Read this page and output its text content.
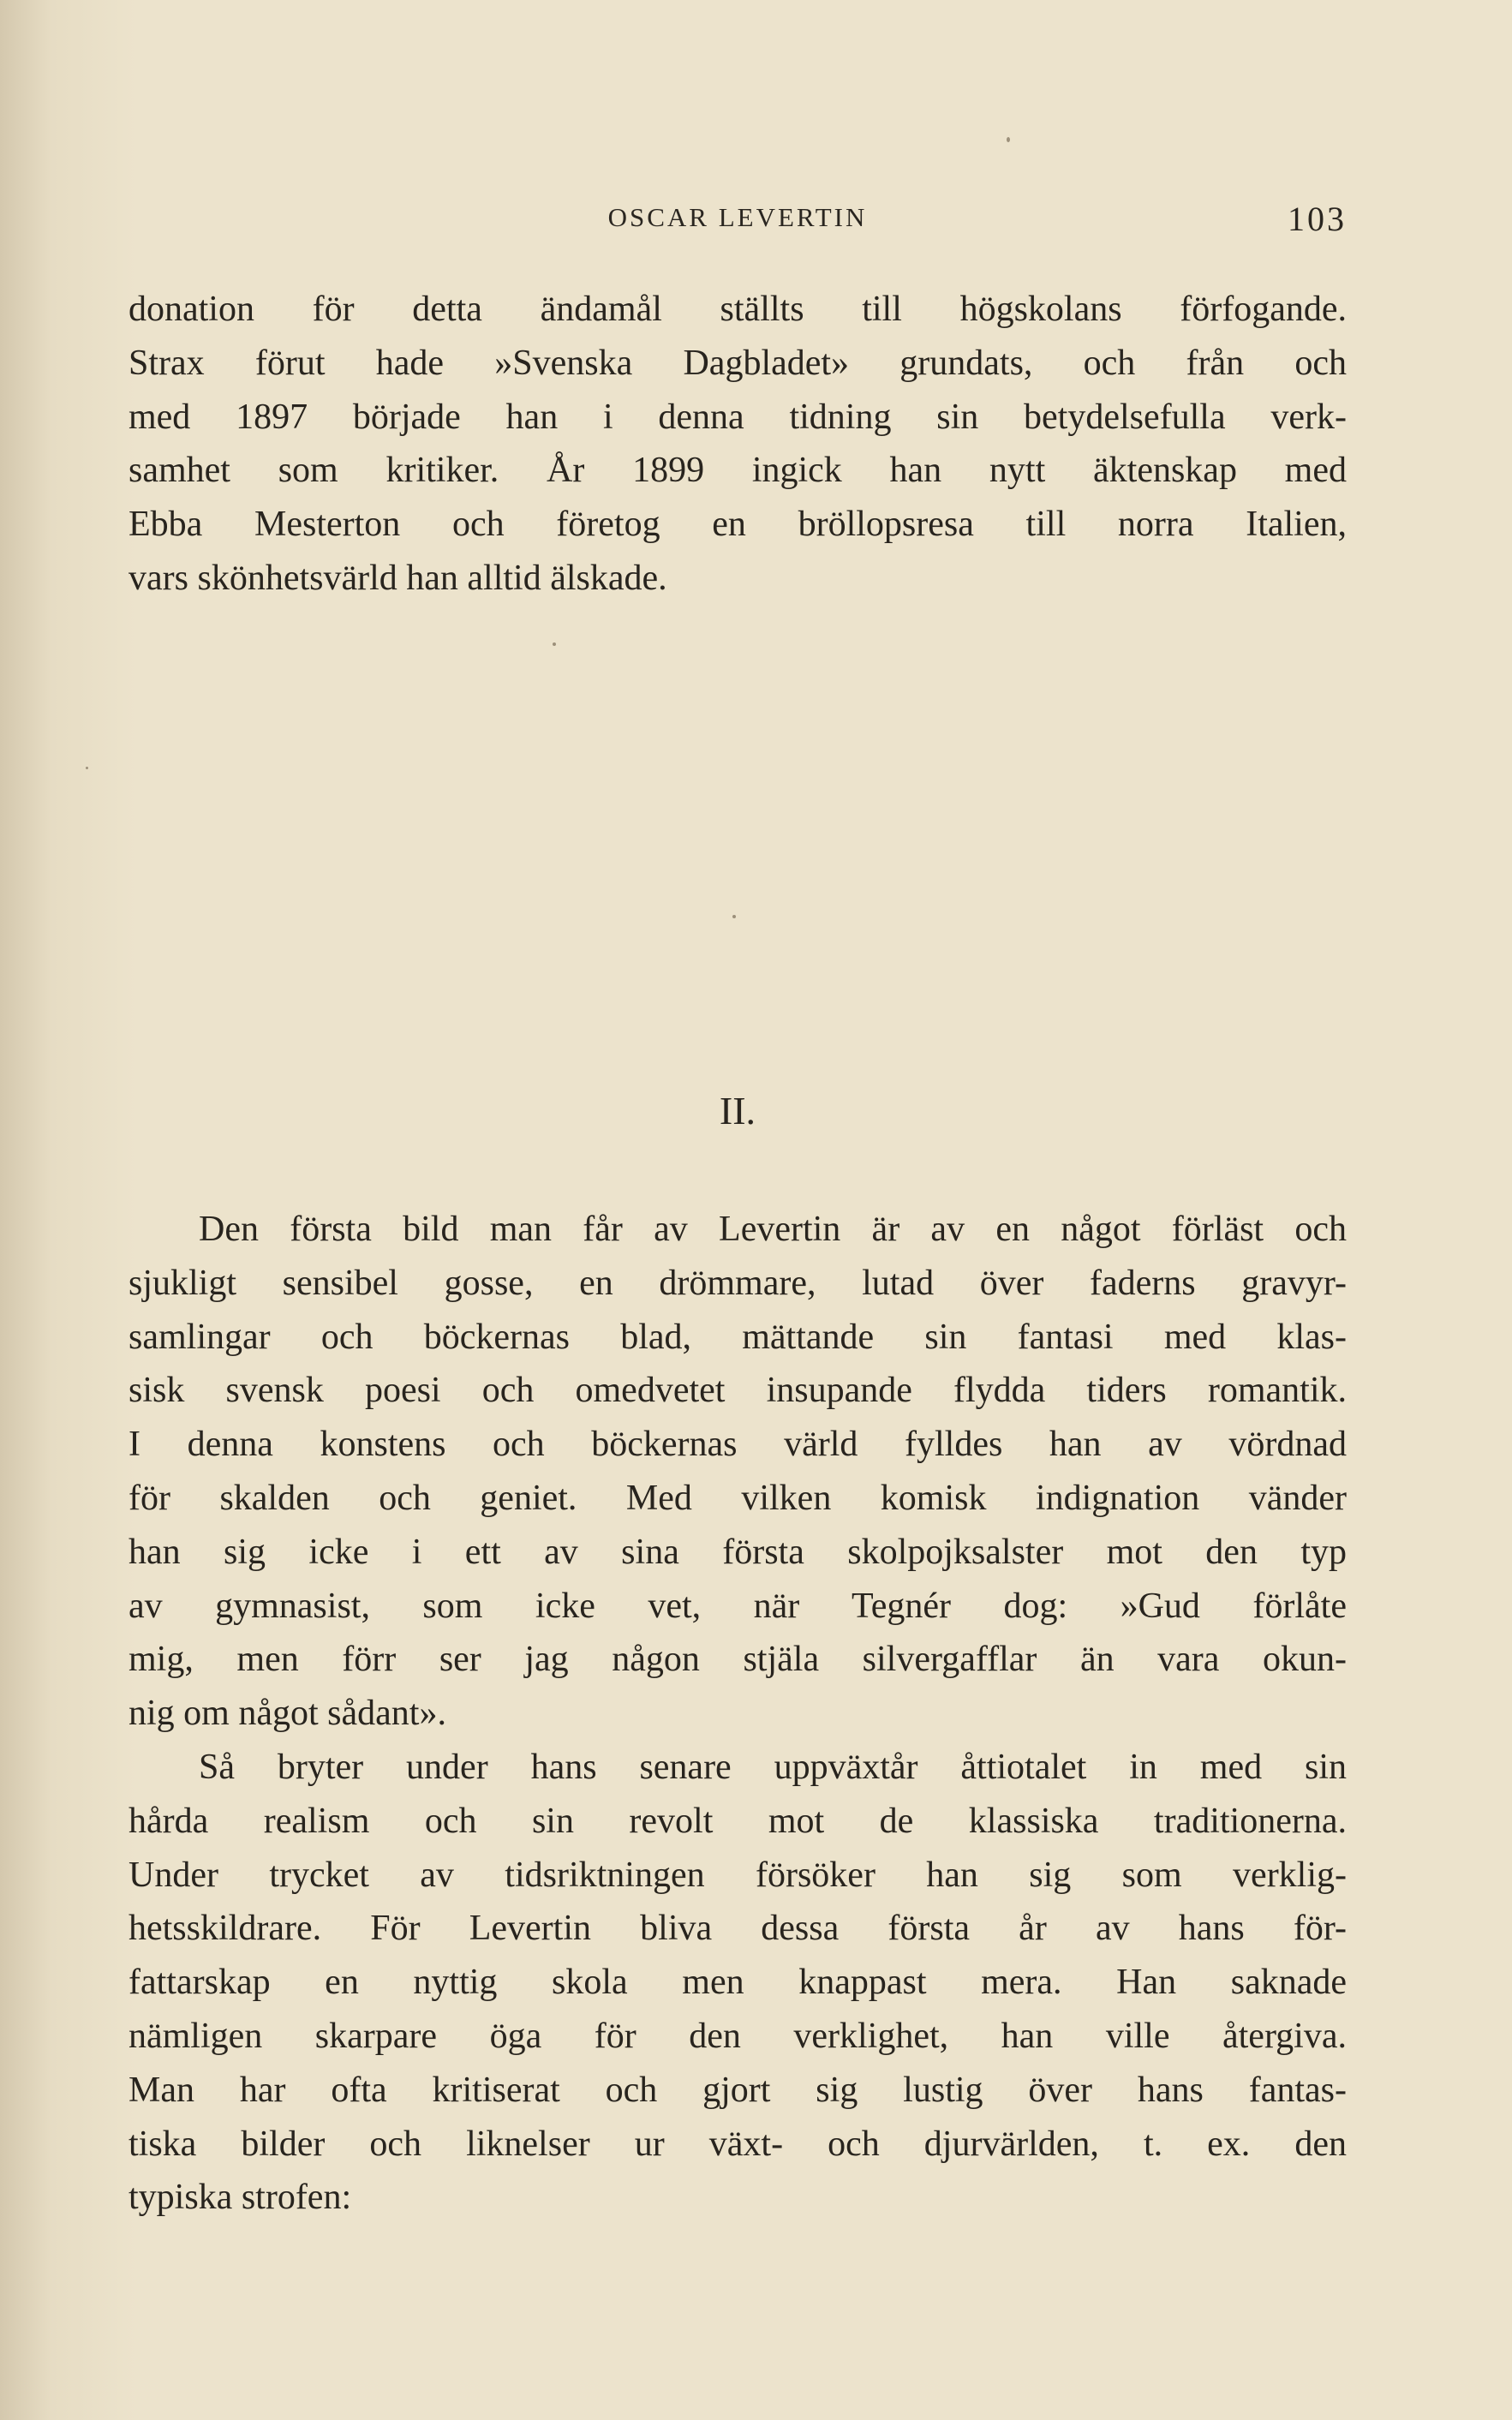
OSCAR LEVERTIN	103
donation för detta ändamål ställts till högskolans förfogande.
Strax förut hade »Svenska Dagbladet» grundats, och från och
med 1897 började han i denna tidning sin betydelsefulla verk-
samhet som kritiker. År 1899 ingick han nytt äktenskap med
Ebba Mesterton och företog en bröllopsresa till norra Italien,
vars skönhetsvärld han alltid älskade.
II.
Den första bild man får av Levertin är av en något förläst och
sjukligt sensibel gosse, en drömmare, lutad över faderns gravyr-
samlingar och böckernas blad, mättande sin fantasi med klas-
sisk svensk poesi och omedvetet insupande flydda tiders romantik.
I denna konstens och böckernas värld fylldes han av vördnad
för skalden och geniet. Med vilken komisk indignation vänder
han sig icke i ett av sina första skolpojksalster mot den typ
av gymnasist, som icke vet, när Tegnér dog: »Gud förlåte
mig, men förr ser jag någon stjäla silvergafflar än vara okun-
nig om något sådant».
Så bryter under hans senare uppväxtår åttiotalet in med sin
hårda realism och sin revolt mot de klassiska traditionerna.
Under trycket av tidsriktningen försöker han sig som verklig-
hetsskildrare. För Levertin bliva dessa första år av hans för-
fattarskap en nyttig skola men knappast mera. Han saknade
nämligen skarpare öga för den verklighet, han ville återgiva.
Man har ofta kritiserat och gjort sig lustig över hans fantas-
tiska bilder och liknelser ur växt- och djurvärlden, t. ex. den
typiska strofen:
